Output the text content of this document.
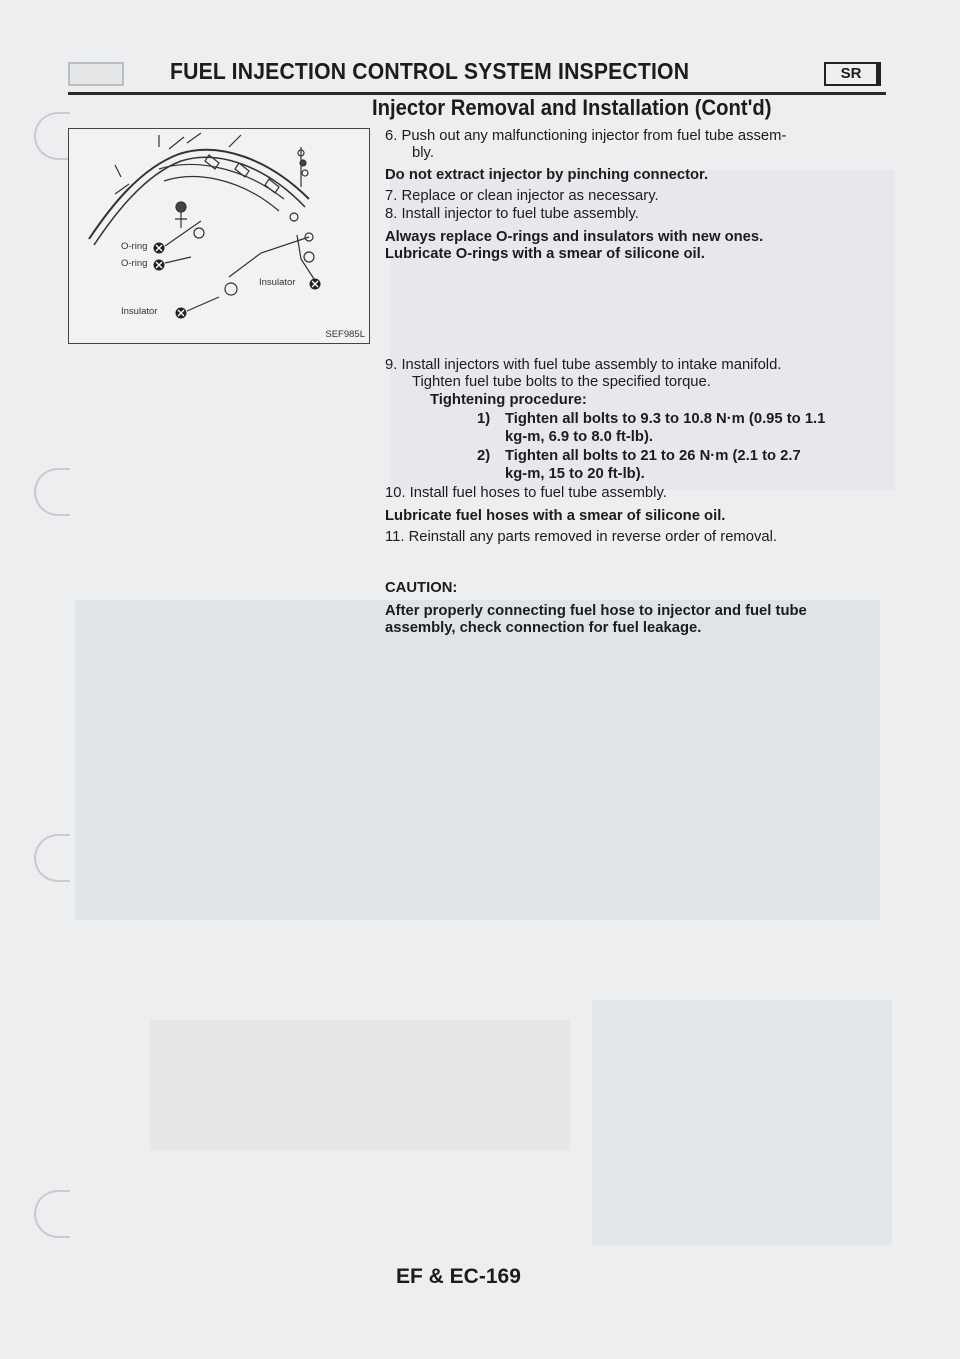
FUEL INJECTION CONTROL SYSTEM INSPECTION	SR
Injector Removal and Installation (Cont'd)
O-ring
O-ring
Insulator
Insulator
SEF985L
6. Push out any malfunctioning injector from fuel tube assem-
bly.
Do not extract injector by pinching connector.
7. Replace or clean injector as necessary.
8. Install injector to fuel tube assembly.
Always replace O-rings and insulators with new ones.
Lubricate O-rings with a smear of silicone oil.
9. Install injectors with fuel tube assembly to intake manifold.
Tighten fuel tube bolts to the specified torque.
Tightening procedure:
1) Tighten all bolts to 9.3 to 10.8 N·m (0.95 to 1.1
kg-m, 6.9 to 8.0 ft-lb).
2) Tighten all bolts to 21 to 26 N·m (2.1 to 2.7
kg-m, 15 to 20 ft-lb).
10. Install fuel hoses to fuel tube assembly.
Lubricate fuel hoses with a smear of silicone oil.
11. Reinstall any parts removed in reverse order of removal.
CAUTION:
After properly connecting fuel hose to injector and fuel tube
assembly, check connection for fuel leakage.
EF & EC-169
